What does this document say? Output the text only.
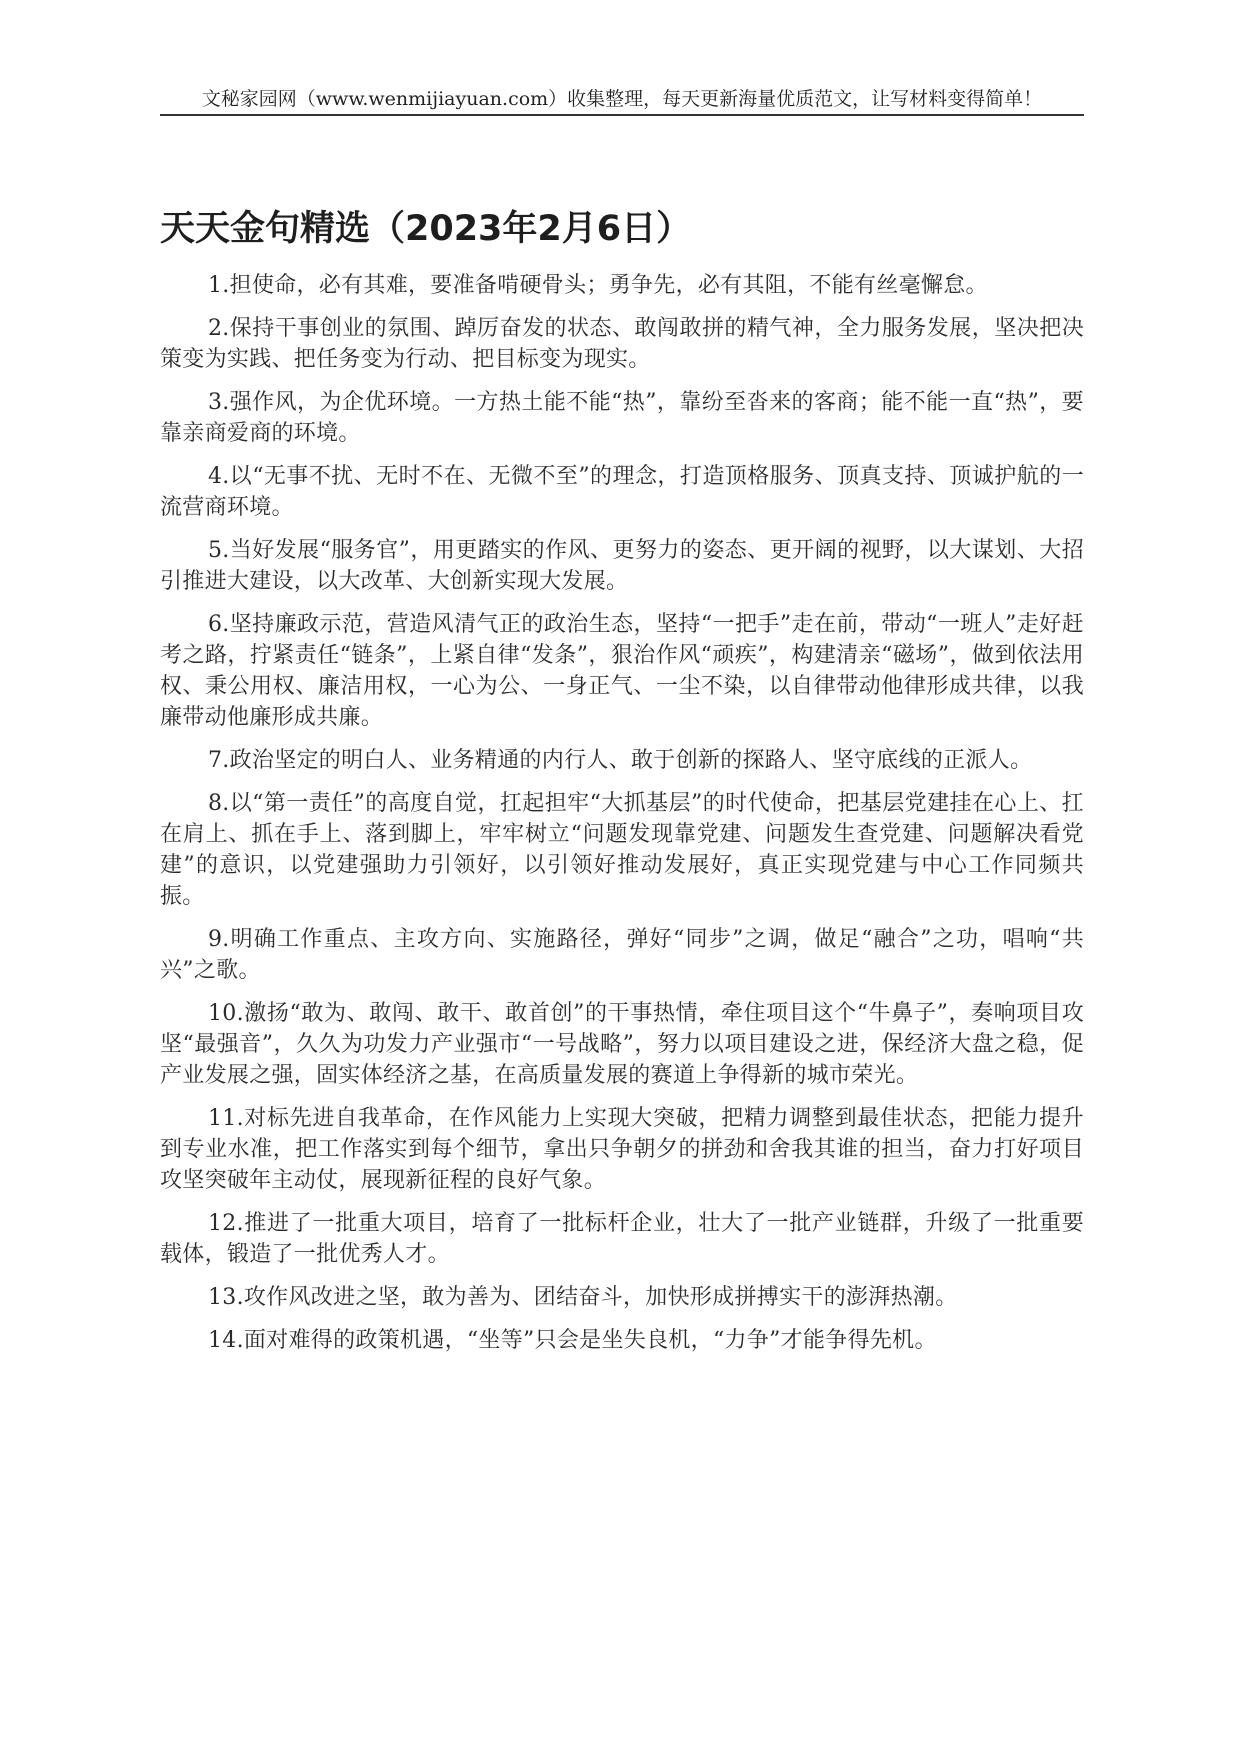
文秘家园网（www.wenmijiayuan.com）收集整理，每天更新海量优质范文，让写材料变得简单！
天天金句精选（2023年2月6日）

1.担使命，必有其难，要准备啃硬骨头；勇争先，必有其阻，不能有丝毫懈怠。

2.保持干事创业的氛围、踔厉奋发的状态、敢闯敢拼的精气神，全力服务发展，坚决把决策变为实践、把任务变为行动、把目标变为现实。

3.强作风，为企优环境。一方热土能不能“热”，靠纷至沓来的客商；能不能一直“热”，要靠亲商爱商的环境。

4.以“无事不扰、无时不在、无微不至”的理念，打造顶格服务、顶真支持、顶诚护航的一流营商环境。

5.当好发展“服务官”，用更踏实的作风、更努力的姿态、更开阔的视野，以大谋划、大招引推进大建设，以大改革、大创新实现大发展。

6.坚持廉政示范，营造风清气正的政治生态，坚持“一把手”走在前，带动“一班人”走好赶考之路，拧紧责任“链条”，上紧自律“发条”，狠治作风“顽疾”，构建清亲“磁场”，做到依法用权、秉公用权、廉洁用权，一心为公、一身正气、一尘不染，以自律带动他律形成共律，以我廉带动他廉形成共廉。

7.政治坚定的明白人、业务精通的内行人、敢于创新的探路人、坚守底线的正派人。

8.以“第一责任”的高度自觉，扛起担牢“大抓基层”的时代使命，把基层党建挂在心上、扛在肩上、抓在手上、落到脚上，牢牢树立“问题发现靠党建、问题发生查党建、问题解决看党建”的意识，以党建强助力引领好，以引领好推动发展好，真正实现党建与中心工作同频共振。

9.明确工作重点、主攻方向、实施路径，弹好“同步”之调，做足“融合”之功，唱响“共兴”之歌。

10.激扬“敢为、敢闯、敢干、敢首创”的干事热情，牵住项目这个“牛鼻子”，奏响项目攻坚“最强音”，久久为功发力产业强市“一号战略”，努力以项目建设之进，保经济大盘之稳，促产业发展之强，固实体经济之基，在高质量发展的赛道上争得新的城市荣光。

11.对标先进自我革命，在作风能力上实现大突破，把精力调整到最佳状态，把能力提升到专业水准，把工作落实到每个细节，拿出只争朝夕的拼劲和舍我其谁的担当，奋力打好项目攻坚突破年主动仗，展现新征程的良好气象。

12.推进了一批重大项目，培育了一批标杆企业，壮大了一批产业链群，升级了一批重要载体，锻造了一批优秀人才。

13.攻作风改进之坚，敢为善为、团结奋斗，加快形成拼搏实干的澎湃热潮。

14.面对难得的政策机遇，“坐等”只会是坐失良机，“力争”才能争得先机。
